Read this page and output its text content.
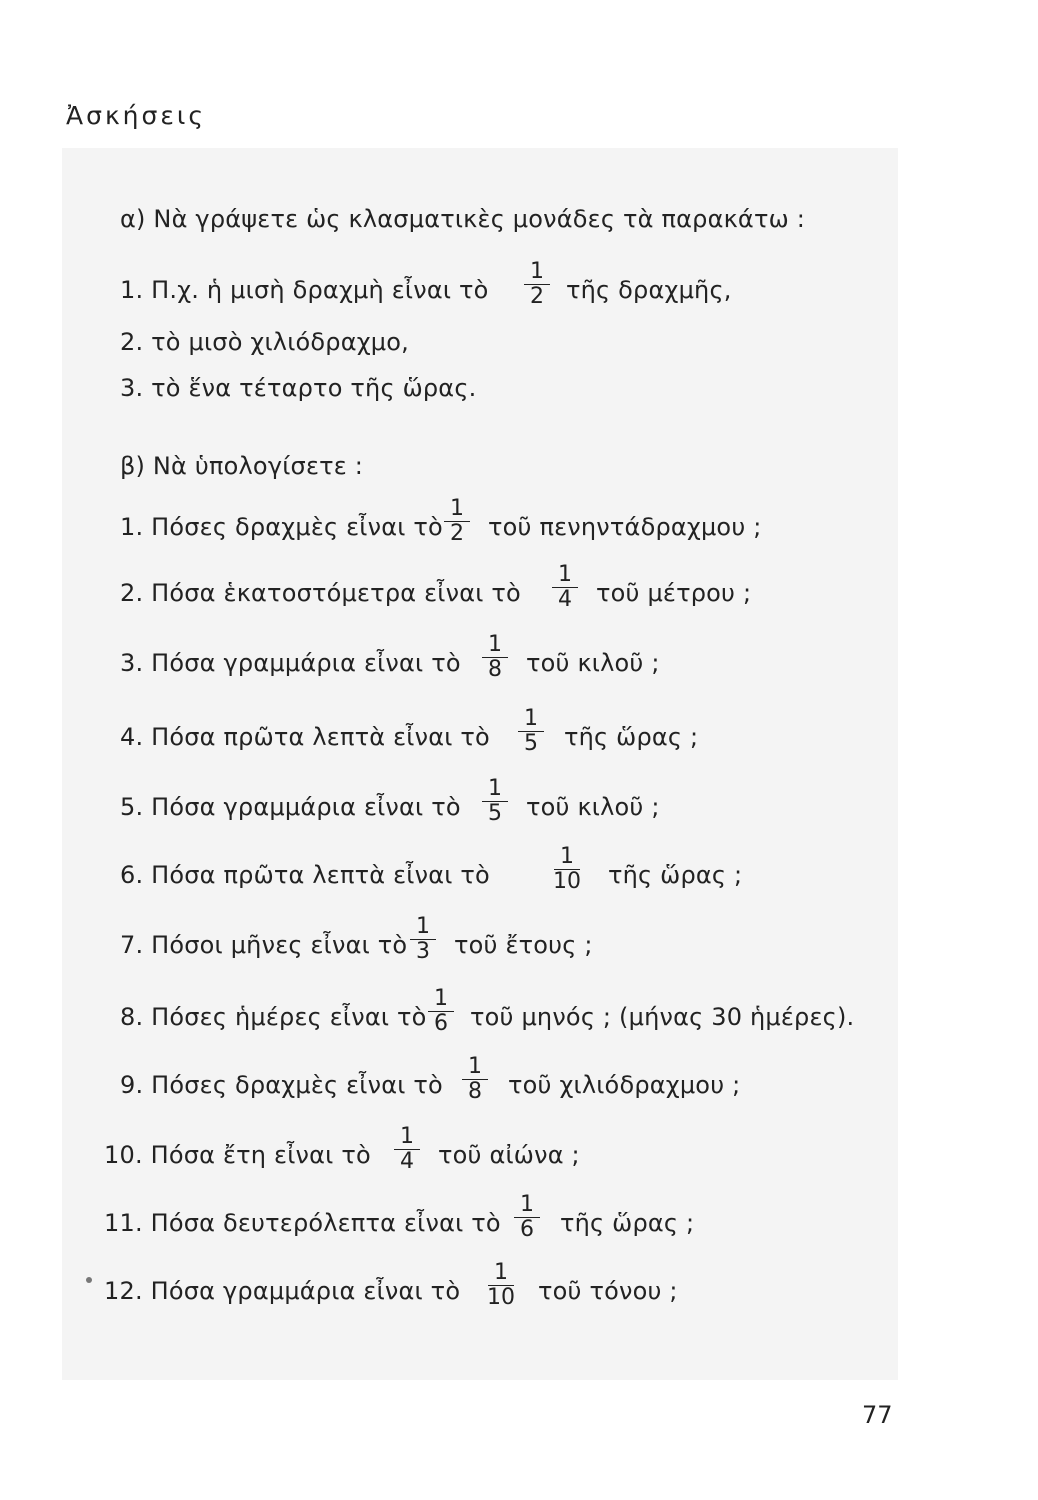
Ἀσκήσεις
α) Νὰ γράψετε ὡς κλασματικὲς μονάδες τὰ παρακάτω :
1. Π.χ. ἡ μισὴ δραχμὴ εἶναι τὸ
1
2 τῆς δραχμῆς,
2. τὸ μισὸ χιλιόδραχμο,
3. τὸ ἕνα τέταρτο τῆς ὥρας.
β) Νὰ ὑπολογίσετε :
1. Πόσες δραχμὲς εἶναι τὸ
1
2	τοῦ πενηντάδραχμου ;
2. Πόσα ἑκατοστόμετρα εἶναι τὸ
1
4	τοῦ μέτρου ;
3. Πόσα γραμμάρια εἶναι τὸ
1
8	τοῦ κιλοῦ ;
4. Πόσα πρῶτα λεπτὰ εἶναι τὸ
1
5	τῆς ὥρας ;
5. Πόσα γραμμάρια εἶναι τὸ
1
5	τοῦ κιλοῦ ;
6. Πόσα πρῶτα λεπτὰ εἶναι τὸ
1
10 τῆς ὥρας ;
7. Πόσοι μῆνες εἶναι τὸ
1
3	τοῦ ἔτους ;
8. Πόσες ἡμέρες εἶναι τὸ
1
6 τοῦ μηνός ; (μήνας 30 ἡμέρες).
9. Πόσες δραχμὲς εἶναι τὸ
1
8	τοῦ χιλιόδραχμου ;
10. Πόσα ἔτη εἶναι τὸ
1
4	τοῦ αἰώνα ;
11. Πόσα δευτερόλεπτα εἶναι τὸ
1
6	τῆς ὥρας ;
12. Πόσα γραμμάρια εἶναι τὸ
1
10 τοῦ τόνου ;
77
